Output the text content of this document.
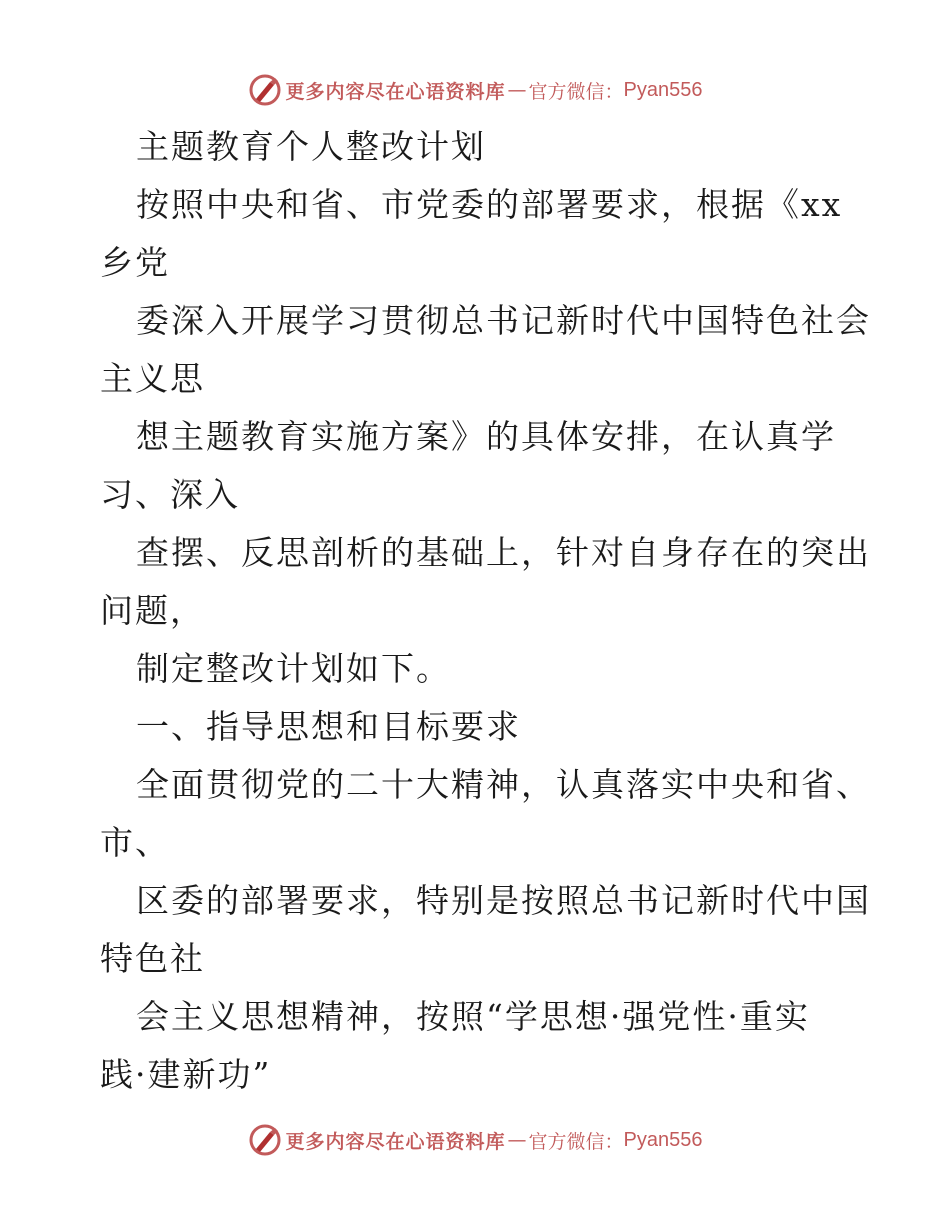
更多内容尽在心语资料库 — 官方微信： Pyan556
主题教育个人整改计划
按照中央和省、市党委的部署要求，根据《xx
乡党
委深入开展学习贯彻总书记新时代中国特色社会
主义思
想主题教育实施方案》的具体安排，在认真学
习、深入
查摆、反思剖析的基础上，针对自身存在的突出
问题，
制定整改计划如下。
一、指导思想和目标要求
全面贯彻党的二十大精神，认真落实中央和省、
市、
区委的部署要求，特别是按照总书记新时代中国
特色社
会主义思想精神，按照“学思想·强党性·重实
践·建新功”
更多内容尽在心语资料库 — 官方微信： Pyan556
